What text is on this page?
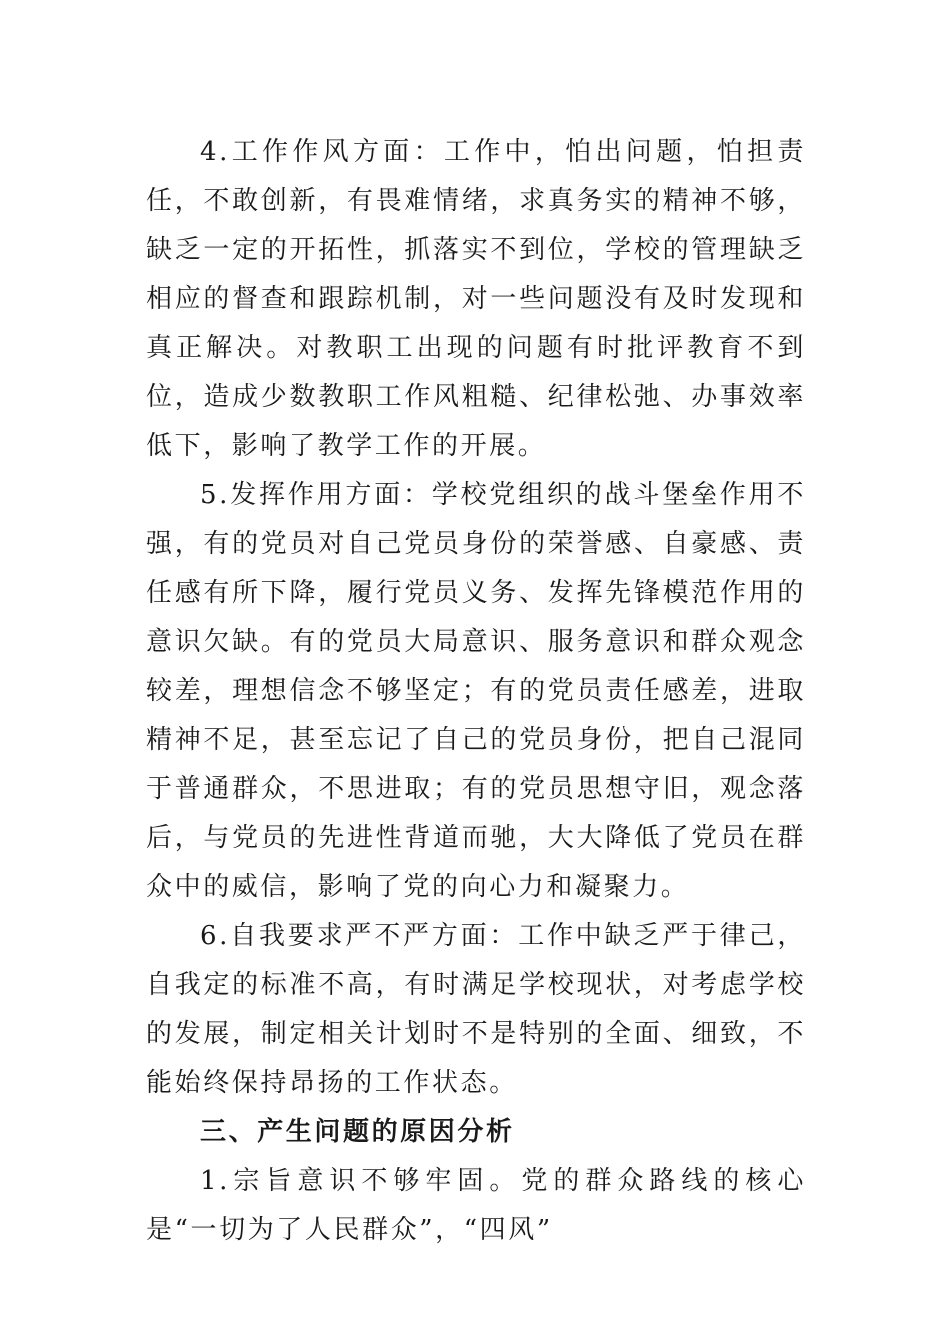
4.工作作风方面：工作中，怕出问题，怕担责任，不敢创新，有畏难情绪，求真务实的精神不够，缺乏一定的开拓性，抓落实不到位，学校的管理缺乏相应的督查和跟踪机制，对一些问题没有及时发现和真正解决。对教职工出现的问题有时批评教育不到位，造成少数教职工作风粗糙、纪律松弛、办事效率低下，影响了教学工作的开展。

5.发挥作用方面：学校党组织的战斗堡垒作用不强，有的党员对自己党员身份的荣誉感、自豪感、责任感有所下降，履行党员义务、发挥先锋模范作用的意识欠缺。有的党员大局意识、服务意识和群众观念较差，理想信念不够坚定；有的党员责任感差，进取精神不足，甚至忘记了自己的党员身份，把自己混同于普通群众，不思进取；有的党员思想守旧，观念落后，与党员的先进性背道而驰，大大降低了党员在群众中的威信，影响了党的向心力和凝聚力。

6.自我要求严不严方面：工作中缺乏严于律己，自我定的标准不高，有时满足学校现状，对考虑学校的发展，制定相关计划时不是特别的全面、细致，不能始终保持昂扬的工作状态。

三、产生问题的原因分析

1.宗旨意识不够牢固。党的群众路线的核心是“一切为了人民群众”，“四风”
